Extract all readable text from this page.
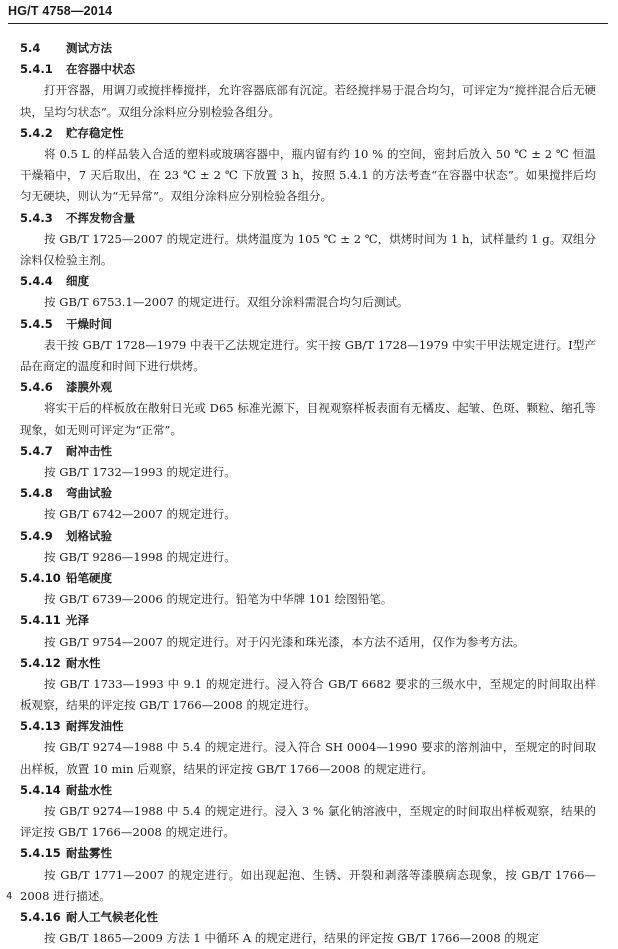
HG/T 4758—2014
5.4 测试方法
5.4.1 在容器中状态

打开容器，用调刀或搅拌棒搅拌，允许容器底部有沉淀。若经搅拌易于混合均匀，可评定为“搅拌混合后无硬块，呈均匀状态”。双组分涂料应分别检验各组分。

5.4.2 贮存稳定性

将 0.5 L 的样品装入合适的塑料或玻璃容器中，瓶内留有约 10 % 的空间，密封后放入 50 ℃ ± 2 ℃ 恒温干燥箱中，7 天后取出，在 23 ℃ ± 2 ℃ 下放置 3 h，按照 5.4.1 的方法考查“在容器中状态”。如果搅拌后均匀无硬块，则认为“无异常”。双组分涂料应分别检验各组分。

5.4.3 不挥发物含量

按 GB/T 1725—2007 的规定进行。烘烤温度为 105 ℃ ± 2 ℃，烘烤时间为 1 h，试样量约 1 g。双组分涂料仅检验主剂。

5.4.4 细度

按 GB/T 6753.1—2007 的规定进行。双组分涂料需混合均匀后测试。

5.4.5 干燥时间

表干按 GB/T 1728—1979 中表干乙法规定进行。实干按 GB/T 1728—1979 中实干甲法规定进行。Ⅰ型产品在商定的温度和时间下进行烘烤。

5.4.6 漆膜外观

将实干后的样板放在散射日光或 D65 标准光源下，目视观察样板表面有无橘皮、起皱、色斑、颗粒、缩孔等现象，如无则可评定为“正常”。

5.4.7 耐冲击性

按 GB/T 1732—1993 的规定进行。

5.4.8 弯曲试验

按 GB/T 6742—2007 的规定进行。

5.4.9 划格试验

按 GB/T 9286—1998 的规定进行。

5.4.10 铅笔硬度

按 GB/T 6739—2006 的规定进行。铅笔为中华牌 101 绘图铅笔。

5.4.11 光泽

按 GB/T 9754—2007 的规定进行。对于闪光漆和珠光漆，本方法不适用，仅作为参考方法。

5.4.12 耐水性

按 GB/T 1733—1993 中 9.1 的规定进行。浸入符合 GB/T 6682 要求的三级水中，至规定的时间取出样板观察，结果的评定按 GB/T 1766—2008 的规定进行。

5.4.13 耐挥发油性

按 GB/T 9274—1988 中 5.4 的规定进行。浸入符合 SH 0004—1990 要求的溶剂油中，至规定的时间取出样板，放置 10 min 后观察，结果的评定按 GB/T 1766—2008 的规定进行。

5.4.14 耐盐水性

按 GB/T 9274—1988 中 5.4 的规定进行。浸入 3 % 氯化钠溶液中，至规定的时间取出样板观察，结果的评定按 GB/T 1766—2008 的规定进行。

5.4.15 耐盐雾性

按 GB/T 1771—2007 的规定进行。如出现起泡、生锈、开裂和剥落等漆膜病态现象，按 GB/T 1766—2008 进行描述。

5.4.16 耐人工气候老化性

按 GB/T 1865—2009 方法 1 中循环 A 的规定进行，结果的评定按 GB/T 1766—2008 的规定

4
